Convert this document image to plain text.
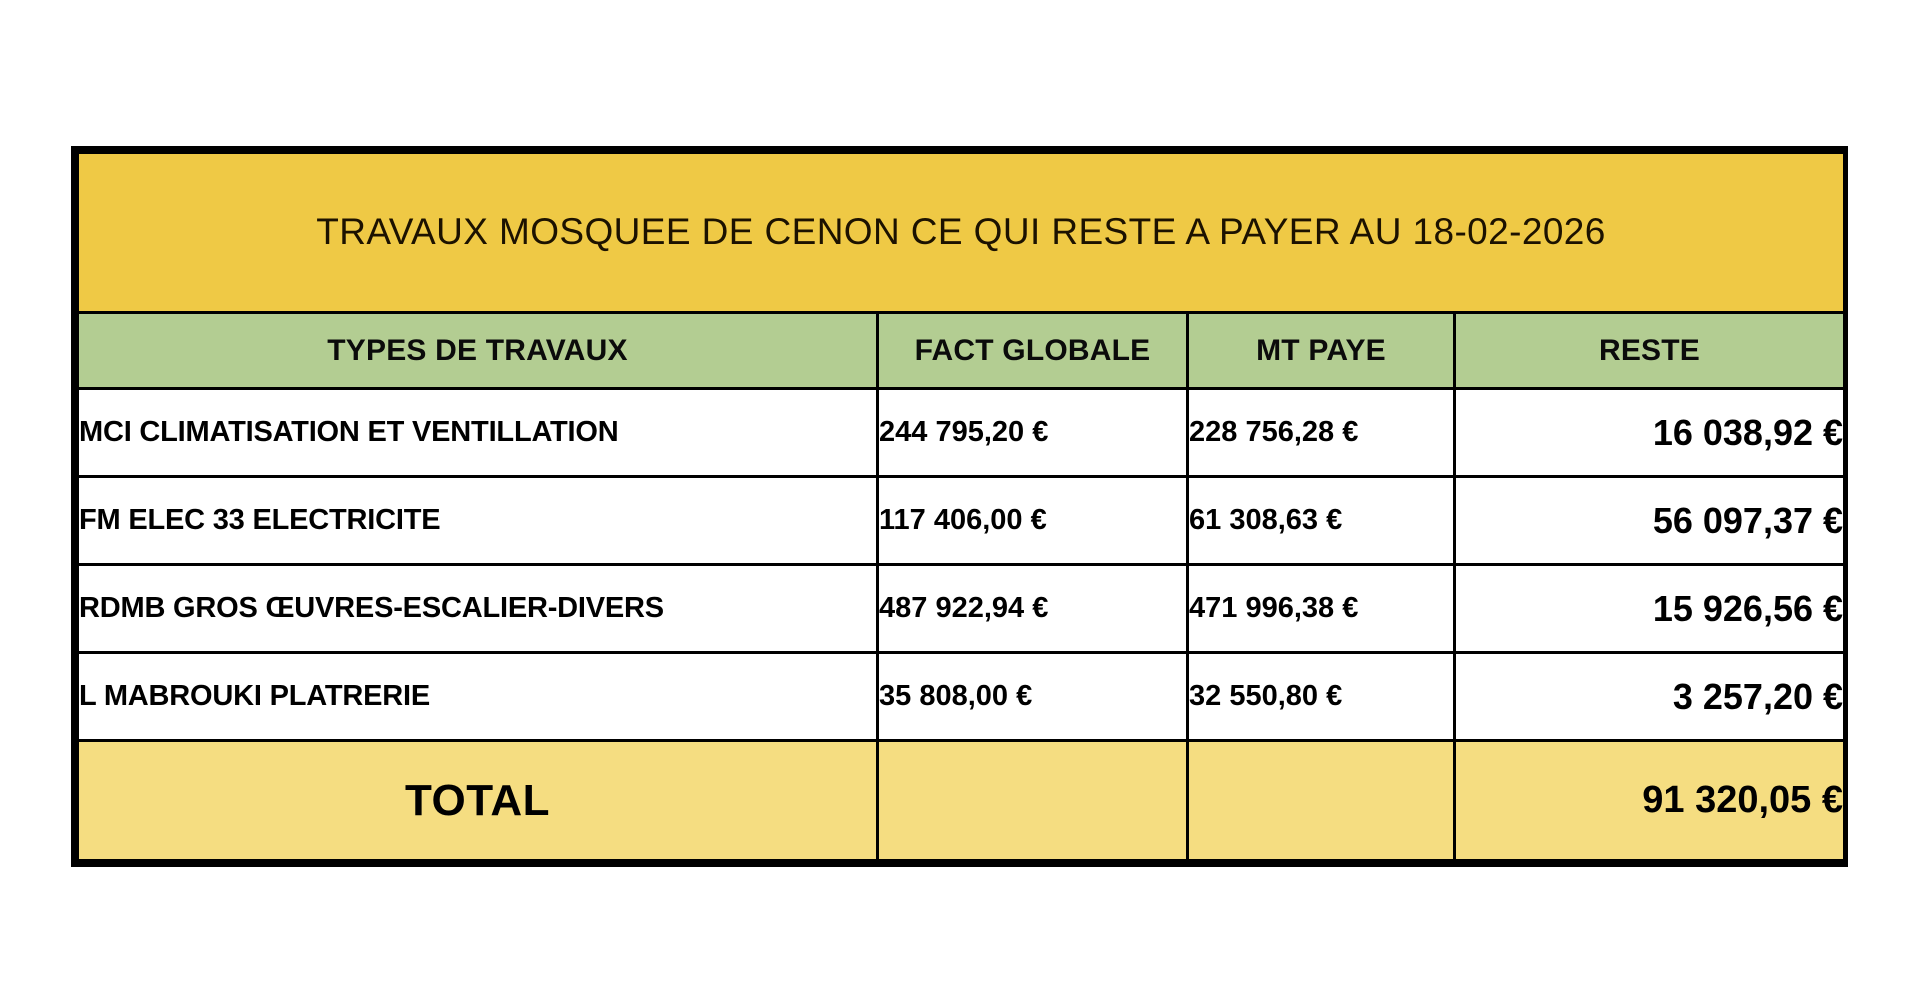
TRAVAUX MOSQUEE DE CENON CE QUI RESTE A PAYER AU 18-02-2026			

TYPES DE TRAVAUX	FACT GLOBALE	MT PAYE	RESTE
MCI CLIMATISATION ET VENTILLATION	244 795,20 €	228 756,28 €	16 038,92 €
FM ELEC 33 ELECTRICITE	117 406,00 €	61 308,63 €	56 097,37 €
RDMB GROS ŒUVRES-ESCALIER-DIVERS	487 922,94 €	471 996,38 €	15 926,56 €
L MABROUKI PLATRERIE	35 808,00 €	32 550,80 €	3 257,20 €
TOTAL			91 320,05 €
